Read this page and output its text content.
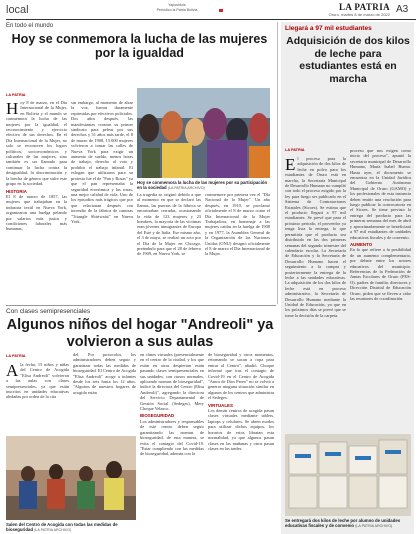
local	Yaposhtole
Periódico la Patria Bolivia	LA PATRIA
Oruro, martes 8 de marzo de 2022 A3
En todo el mundo
Hoy se conmemora la lucha de las mujeres por la igualdad
LA PATRIA
H oy 8 de marzo, en el Día Internacional de la Mujer, en Bolivia y el mundo se conmemora la lucha de las mujeres por la igualdad, el reconocimiento y ejercicio efectivo de sus derechos. En el Día Internacional de la Mujer, no solo se reconocen los logros políticos, socioeconómicos y culturales de las mujeres, sino también es un llamado para continuar la lucha contra la desigualdad, la discriminación y la brecha de género que sufre este grupo en la sociedad.
HISTORIA
El 8 de marzo de 1857, las mujeres que trabajaban en la industria textil en Nueva York, organizaron una huelga pelando por salarios más justos y condiciones laborales más humanas,
sin embargo, al momento de alzar la voz, fueron duramente reprimidas por efectivos policiales. Dos años después, las manifestantes crearon su primer sindicato para pelear por sus derechos y 51 años más tarde, el 8 de marzo de 1908, 15.000 mujeres volvieron a tomar las calles de Nueva York para exigir un aumento de sueldo, menos horas de trabajo, derecho al voto y prohibir el trabajo infantil. El eslogan que utilizaron para su protesta fue el de "Pan y Rosas" ya que el pan representaba la seguridad económica y las rosas, una mejor calidad de vida. Uno de los episodios más trágicos que por que relacionan después con incendio de la fábrica de camisas "Triangle Shirtwaist" en Nueva York.
Hoy se conmemora la lucha de las mujeres por su participación en la sociedad (LA PATRIA ARCHIVO)
La tragedia se originó debido a que al momento en que se declaró las llamas, las puertas de la fábrica se encontraban cerradas, ocasionando la vida de 123 mujeres y 23 hombres, la mayoría de las víctimas eran jóvenes inmigrantes de Europa del Este y de Italia. Ese mismo año, el 3 de mayo, se realizó un acto por el Día de la Mujer en Chicago, preámbulo para que el 28 de febrero de 1909, en Nueva York, se
conmemore por primera vez el "Día Nacional de la Mujer". Un año después, en 1910, se proclamó oficialmente el 8 de marzo como el Día Internacional de la Mujer Trabajadora, en homenaje a las mujeres caídas en la huelga de 1908 y en 1977, la Asamblea General de la Organización de las Naciones Unidas (ONU) designó oficialmente el 8 de marzo el Día Internacional de la Mujer.
Llegará a 97 mil estudiantes
Adquisición de dos kilos de leche para estudiantes está en marcha
LA PATRIA
E l proceso para la adquisición de dos kilos de leche en polvo para los estudiantes de Oruro está en marcha, la Secretaría Municipal de Desarrollo Humano no cumplió con todo el proceso exigido por la ley para luego ser publicado en el Sistema de Contrataciones Estatales (Sicoes). Se estima que el producto llegará a 97 mil estudiantes. Se prevé que para el próximo periodo, el proveedor ya tenga lista la entrega, lo que permitiría que el producto sea distribuido en las dos primeras semanas del segundo trimestre del calendario escolar. La Secretaría de Educación y la Secretaría de Desarrollo Humano hacen el seguimiento a la compra y posteriormente la entrega de la leche a las unidades educativas. La adquisición de los dos kilos de leche está en proceso administrativo, la Secretaría de Desarrollo Humano mediante la Unidad de Educación, ya que en los próximos días se prevé que se tome la decisión de la carpeta.
proceso que nos exigen como inicio del proceso", apuntó la secretaria municipal de Desarrollo Humano, María Isabel Bueno. Hasta ayer, el documento se encuentra en la Unidad Jurídica del Gobierno Autónomo Municipal de Oruro (GAMO) y los profesionales de esta instancia deben emitir una resolución para luego publicar la convocatoria en el Sicoes. Se tiene previsto la entrega del producto para las primeras semanas del mes de abril y aproximadamente se beneficiará a 97 mil estudiantes de unidades educativas fiscales y de convenio.
AUMENTO
En lo que refiere a la posibilidad de un aumento complementario, por debate entre los actores educativos del municipio. Referencias de la Federación de Juntas Escolares de Oruro (FES-O), padres de familia, directores y Dirección Distrital de Educación Oruro, piden que se lleven a cabo las reuniones de coordinación.
Se entregará dos kilos de leche por alumno de unidades educativas fiscales y de convenio (LA PATRIA ARCHIVO)
Con clases semipresenciales
Algunos niños del hogar "Andreoli" ya volvieron a sus aulas
LA PATRIA
A la fecha, 15 niños y niñas del Centro de Acogida "Elisa Andreoli" volvieron a las aulas con clases semipresenciales, ya que están inscritos en unidades educativas aledañas por orden de la cita
del. Por protocolos, los administradores deben seguir y garantizar todas las medidas de bioseguridad. El Centro de Acogida "Elisa Andreoli" acoge a infantes desde los seis hasta los 12 años. "Algunos de nuestros hogares de acogida están
Salen del Centro de Acogida con todas las medidas de bioseguridad (LA PATRIA ARCHIVO)
en clases virtuales (presencialmente en el centro de la ciudad, y los que están en otras despiertan están pasando clases semipresenciales en sus unidades, con cursos normales, aplicando normas de bioseguridad", indicó la directora del Centro (Elisa Andreoli)", agregando la directora del Servicio Departamental de Gestión Social (Sedeges), Mery Choque Velasco.
BIOSEGURIDAD
Los administradores y responsables de este centro deben seguir garantizando las normas de bioseguridad, de esta manera, se evita el contagio del Covid-19. "Estar cumpliendo con las medidas de bioseguridad, además con la
de bioseguridad y otros momentos, retornando se sacan a ropa para entrar al Centro", añadió. Choque informó que tras el contagio de Covid-19 en el Centro de Acogida "Amor de Dios Pereo" no se volvió a generar ninguna situación similar en algunos de los centros que administra el Sedeges.
VIRTUALES
Los demás centros de acogida pasan clases virtuales mediante tablets, laptops y celulares. Se abren modos para utilizar dichos equipos, los horarios de estos libratan esta normalidad, ya que algunos pasan clases en las mañanas y otros pasan clases en las tardes.
